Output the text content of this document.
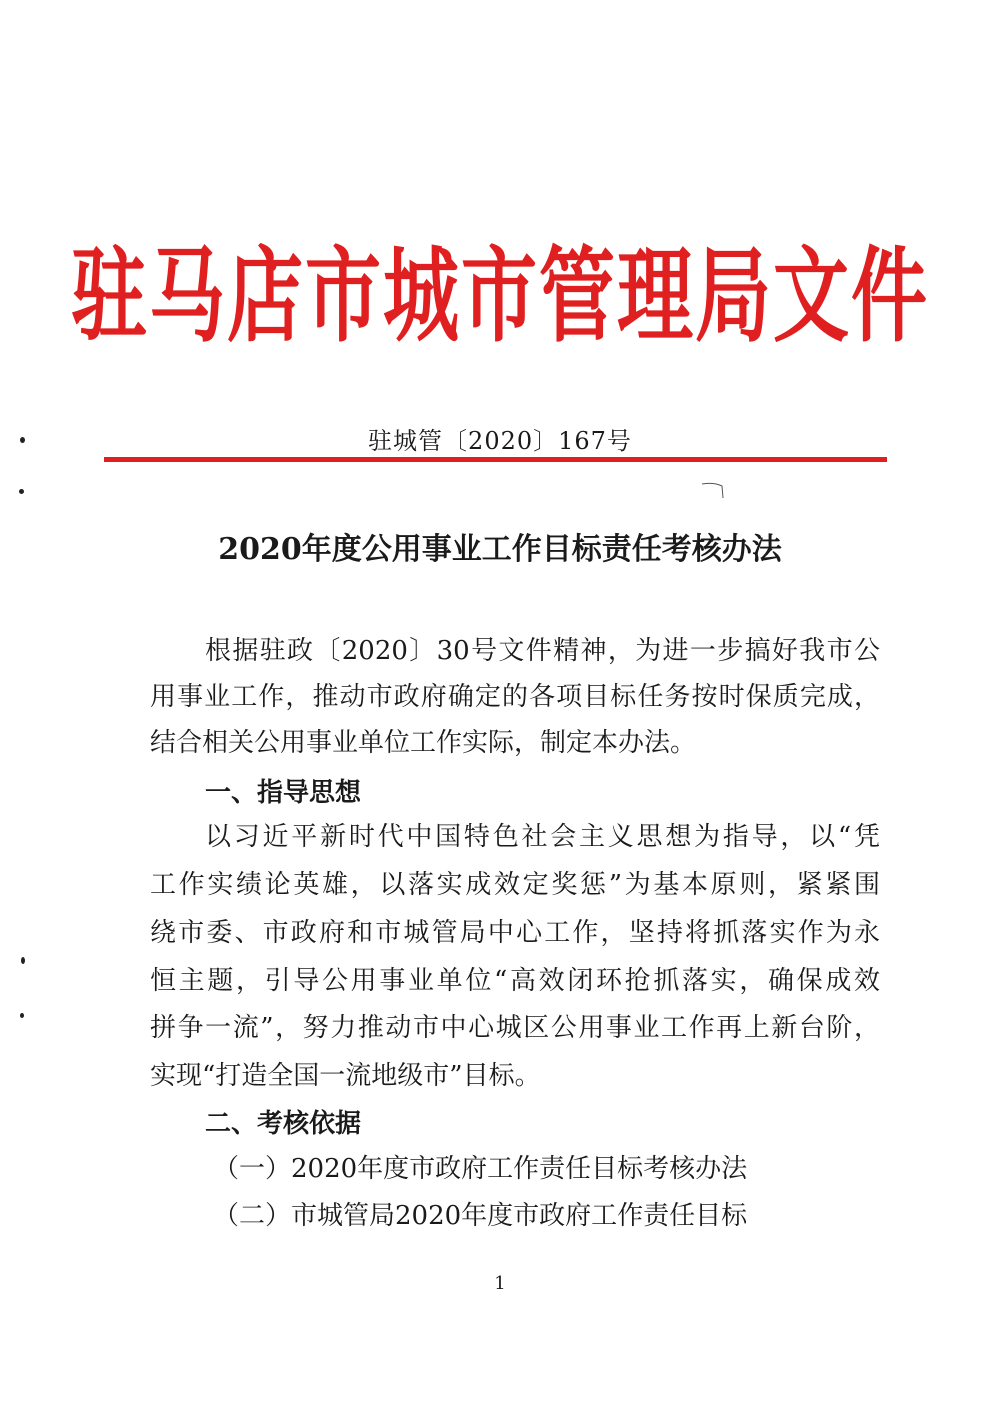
驻马店市城市管理局文件
驻城管〔2020〕167号
2020年度公用事业工作目标责任考核办法
根据驻政〔2020〕30号文件精神，为进一步搞好我市公
用事业工作，推动市政府确定的各项目标任务按时保质完成，
结合相关公用事业单位工作实际，制定本办法。
一、指导思想
以习近平新时代中国特色社会主义思想为指导，以“凭
工作实绩论英雄，以落实成效定奖惩”为基本原则，紧紧围
绕市委、市政府和市城管局中心工作，坚持将抓落实作为永
恒主题，引导公用事业单位“高效闭环抢抓落实，确保成效
拼争一流”，努力推动市中心城区公用事业工作再上新台阶，
实现“打造全国一流地级市”目标。
二、考核依据
（一）2020年度市政府工作责任目标考核办法
（二）市城管局2020年度市政府工作责任目标
1
